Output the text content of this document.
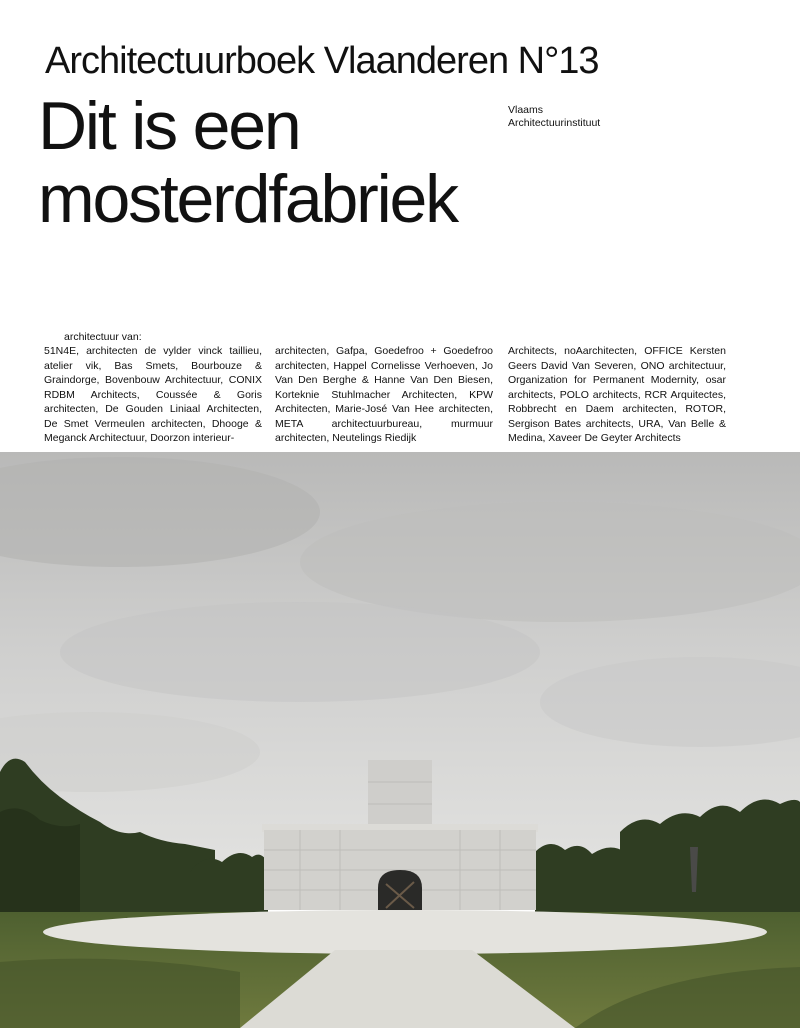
Architectuurboek Vlaanderen N°13
Dit is een
mosterdfabriek
Vlaams
Architectuurinstituut
architectuur van:
51N4E, architecten de vylder vinck taillieu, atelier vik, Bas Smets, Bourbouze & Graindorge, Bovenbouw Architectuur, CONIX RDBM Architects, Coussée & Goris architecten, De Gouden Liniaal Architecten, De Smet Vermeulen architecten, Dhooge & Meganck Architectuur, Doorzon interieur-
architecten, Gafpa, Goedefroo + Goedefroo architecten, Happel Cornelisse Verhoeven, Jo Van Den Berghe & Hanne Van Den Biesen, Korteknie Stuhlmacher Architecten, KPW Architecten, Marie-José Van Hee architecten, META architectuurbureau, murmuur architecten, Neutelings Riedijk
Architects, noAarchitecten, OFFICE Kersten Geers David Van Severen, ONO architectuur, Organization for Permanent Modernity, osar architects, POLO architects, RCR Arquitectes, Robbrecht en Daem architecten, ROTOR, Sergison Bates architects, URA, Van Belle & Medina, Xaveer De Geyter Architects
